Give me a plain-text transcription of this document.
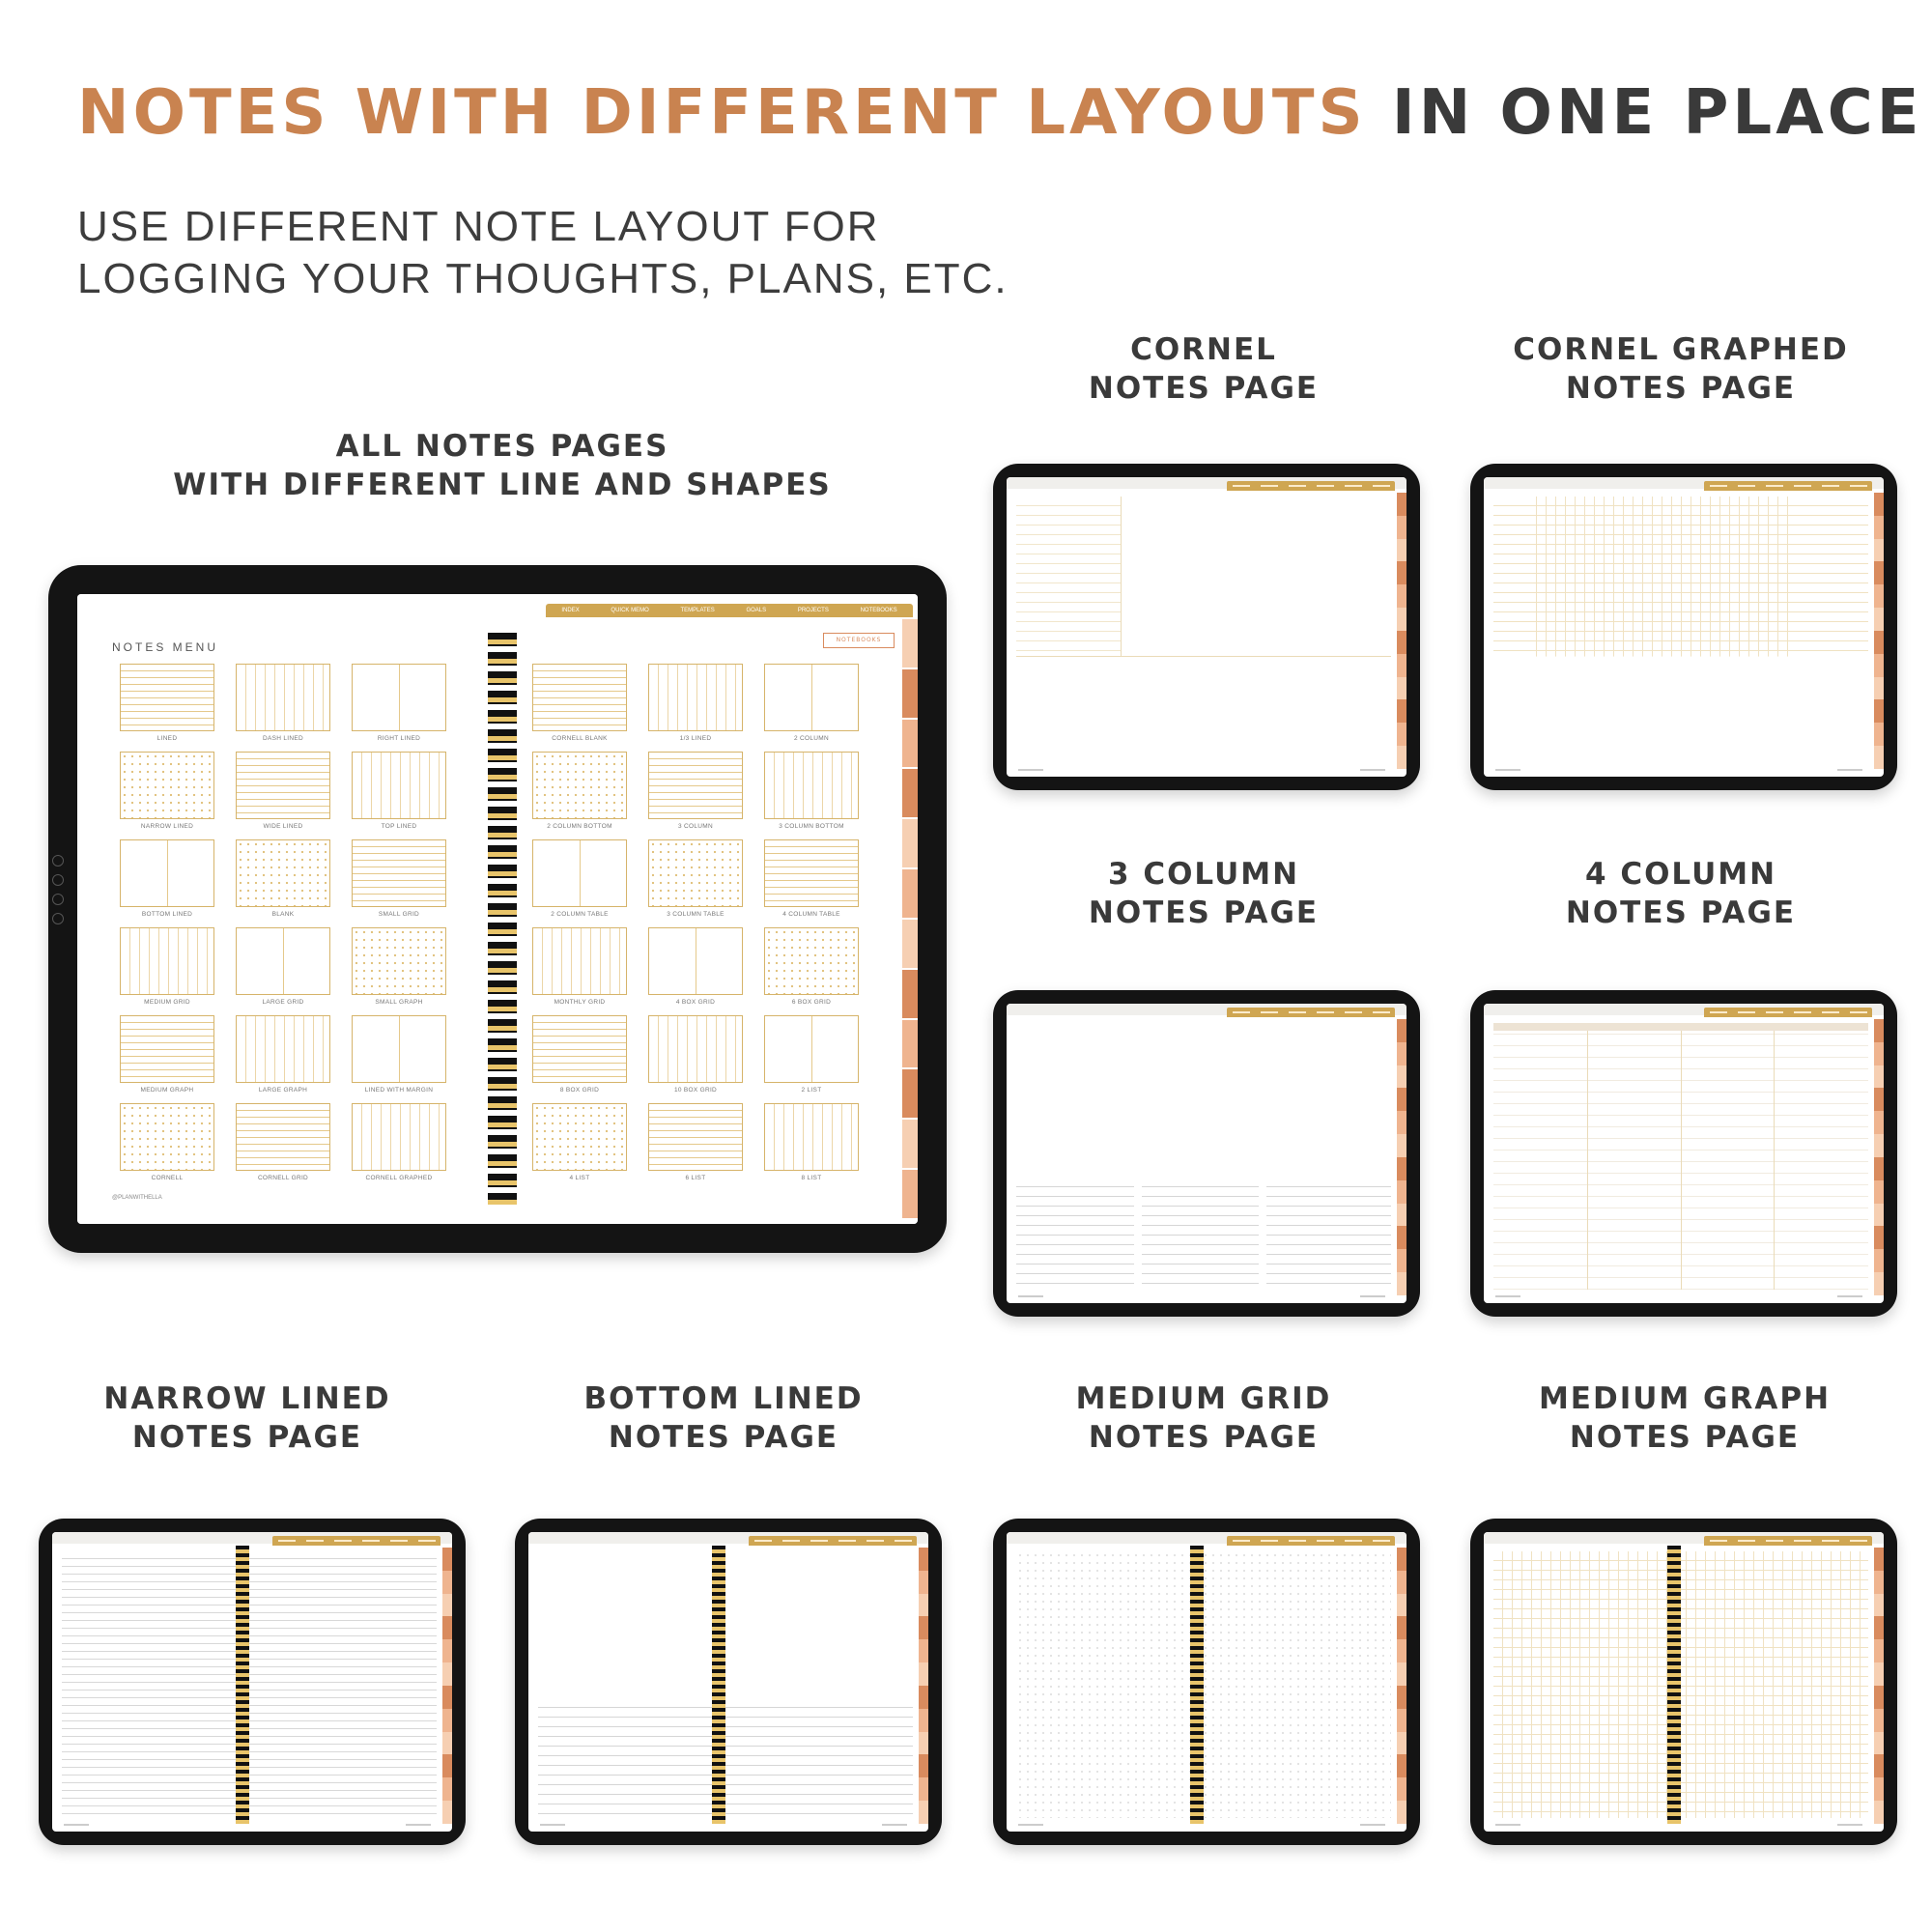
NOTES WITH DIFFERENT LAYOUTS IN ONE PLACE

USE DIFFERENT NOTE LAYOUT FOR
LOGGING YOUR THOUGHTS, PLANS, ETC.

ALL NOTES PAGES
WITH DIFFERENT LINE AND SHAPES
CORNEL
NOTES PAGE
CORNEL GRAPHED
NOTES PAGE
3 COLUMN
NOTES PAGE
4 COLUMN
NOTES PAGE
NARROW LINED
NOTES PAGE
BOTTOM LINED
NOTES PAGE
MEDIUM GRID
NOTES PAGE
MEDIUM GRAPH
NOTES PAGE
NOTES MENU
@PLANWITHELLA
LINED	DASH LINED	RIGHT LINED
NARROW LINED	WIDE LINED	TOP LINED
BOTTOM LINED	BLANK	SMALL GRID
MEDIUM GRID	LARGE GRID	SMALL GRAPH
MEDIUM GRAPH	LARGE GRAPH	LINED WITH MARGIN
CORNELL	CORNELL GRID	CORNELL GRAPHED
INDEX	QUICK MEMO	TEMPLATES	GOALS	PROJECTS	NOTEBOOKS
NOTEBOOKS
CORNELL BLANK	1/3 LINED	2 COLUMN
2 COLUMN BOTTOM	3 COLUMN	3 COLUMN BOTTOM
2 COLUMN TABLE	3 COLUMN TABLE	4 COLUMN TABLE
MONTHLY GRID	4 BOX GRID	6 BOX GRID
8 BOX GRID	10 BOX GRID	2 LIST
4 LIST	6 LIST	8 LIST
